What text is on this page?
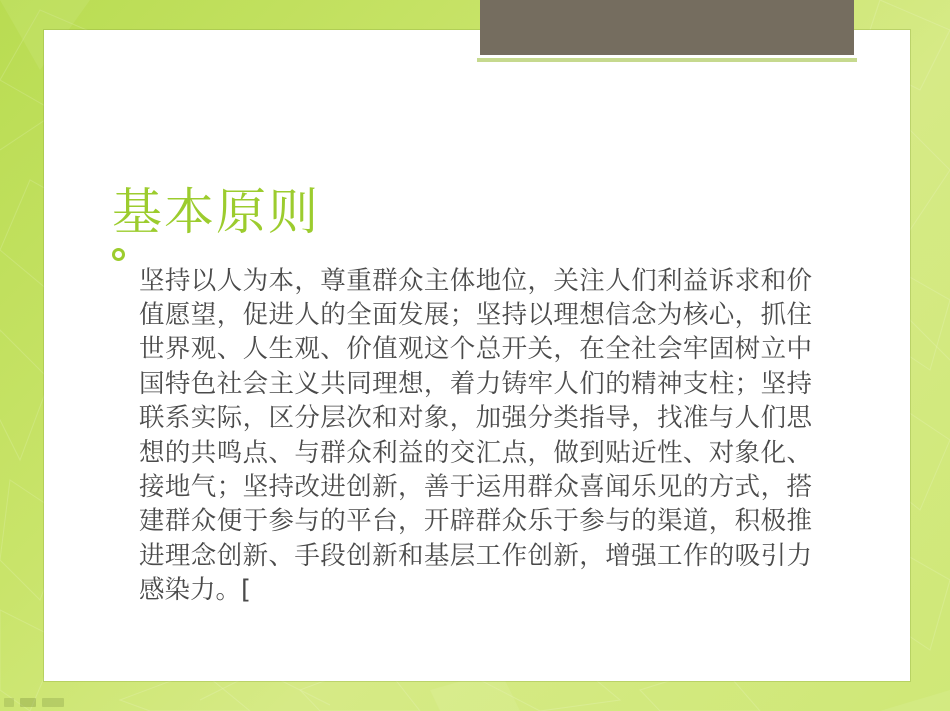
基本原则

坚持以人为本，尊重群众主体地位，关注人们利益诉求和价值愿望，促进人的全面发展；坚持以理想信念为核心，抓住世界观、人生观、价值观这个总开关，在全社会牢固树立中国特色社会主义共同理想，着力铸牢人们的精神支柱；坚持联系实际，区分层次和对象，加强分类指导，找准与人们思想的共鸣点、与群众利益的交汇点，做到贴近性、对象化、接地气；坚持改进创新，善于运用群众喜闻乐见的方式，搭建群众便于参与的平台，开辟群众乐于参与的渠道，积极推进理念创新、手段创新和基层工作创新，增强工作的吸引力感染力。[
